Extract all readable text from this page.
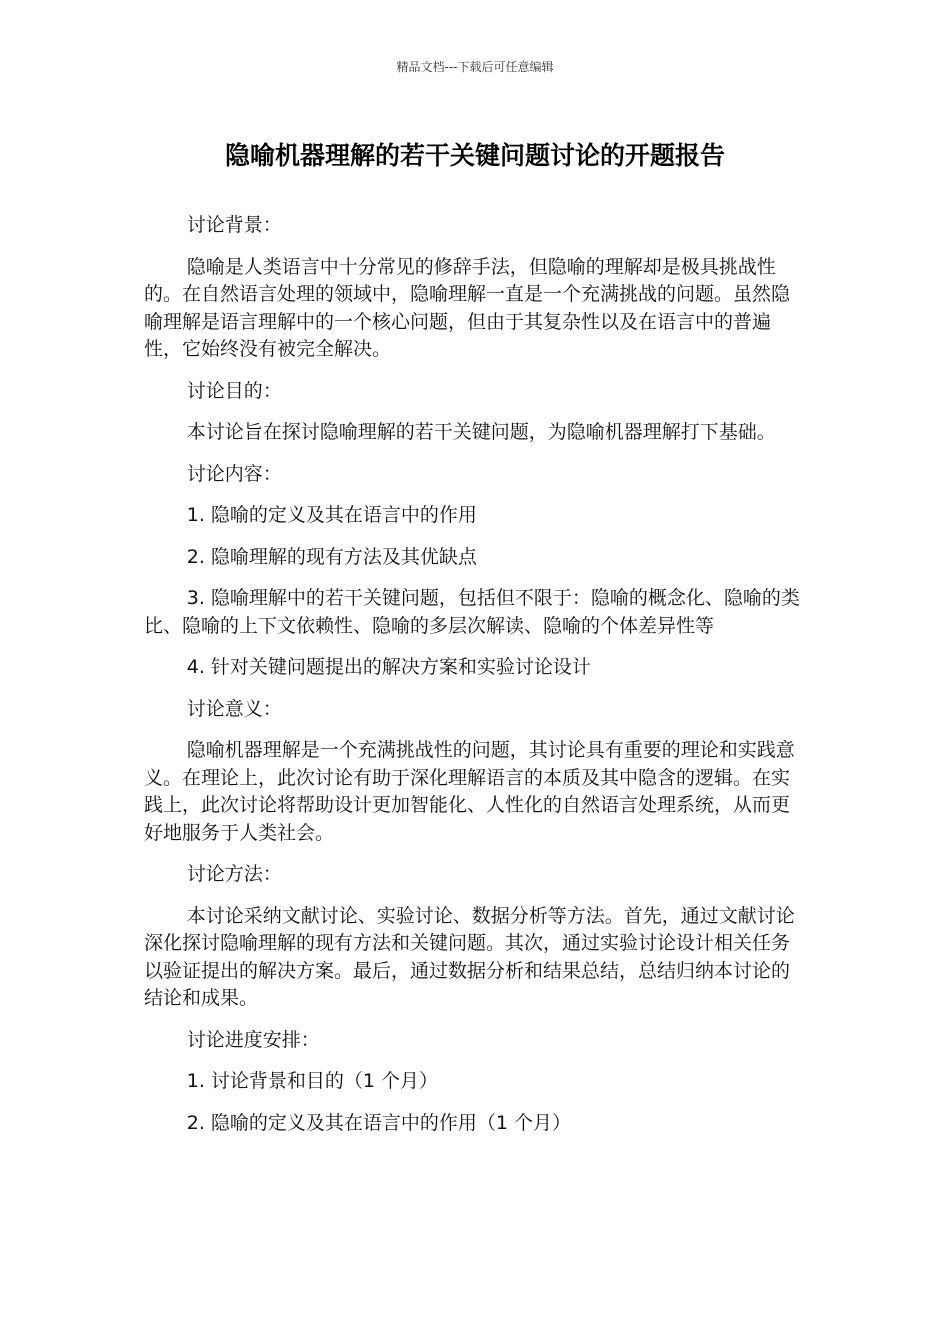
精品文档---下载后可任意编辑
隐喻机器理解的若干关键问题讨论的开题报告

讨论背景：

隐喻是人类语言中十分常见的修辞手法，但隐喻的理解却是极具挑战性的。在自然语言处理的领域中，隐喻理解一直是一个充满挑战的问题。虽然隐喻理解是语言理解中的一个核心问题，但由于其复杂性以及在语言中的普遍性，它始终没有被完全解决。

讨论目的：

本讨论旨在探讨隐喻理解的若干关键问题，为隐喻机器理解打下基础。

讨论内容：

1. 隐喻的定义及其在语言中的作用

2. 隐喻理解的现有方法及其优缺点

3. 隐喻理解中的若干关键问题，包括但不限于：隐喻的概念化、隐喻的类比、隐喻的上下文依赖性、隐喻的多层次解读、隐喻的个体差异性等

4. 针对关键问题提出的解决方案和实验讨论设计

讨论意义：

隐喻机器理解是一个充满挑战性的问题，其讨论具有重要的理论和实践意义。在理论上，此次讨论有助于深化理解语言的本质及其中隐含的逻辑。在实践上，此次讨论将帮助设计更加智能化、人性化的自然语言处理系统，从而更好地服务于人类社会。

讨论方法：

本讨论采纳文献讨论、实验讨论、数据分析等方法。首先，通过文献讨论深化探讨隐喻理解的现有方法和关键问题。其次，通过实验讨论设计相关任务以验证提出的解决方案。最后，通过数据分析和结果总结，总结归纳本讨论的结论和成果。

讨论进度安排：

1. 讨论背景和目的（1 个月）

2. 隐喻的定义及其在语言中的作用（1 个月）
